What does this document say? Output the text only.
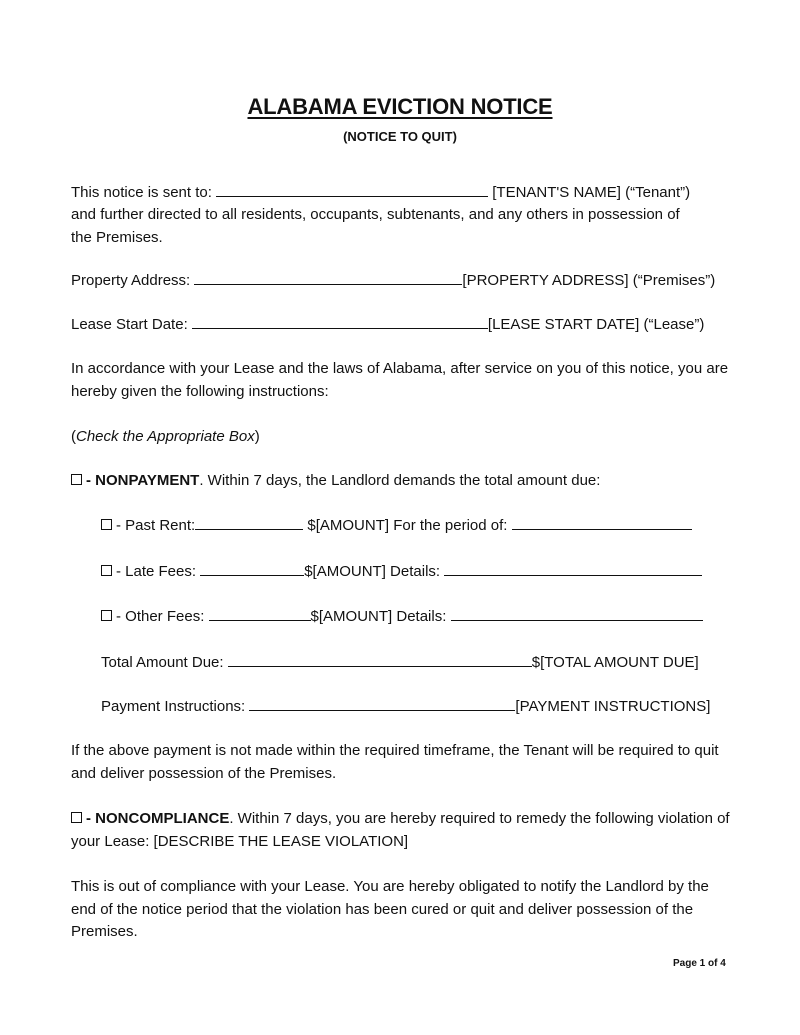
ALABAMA EVICTION NOTICE
(NOTICE TO QUIT)
This notice is sent to:	[TENANT'S NAME] (“Tenant”)
and further directed to all residents, occupants, subtenants, and any others in possession of the Premises.
Property Address:	[PROPERTY ADDRESS] (“Premises”)
Lease Start Date:	[LEASE START DATE] (“Lease”)
In accordance with your Lease and the laws of Alabama, after service on you of this notice, you are hereby given the following instructions:
(Check the Appropriate Box)
- NONPAYMENT. Within 7 days, the Landlord demands the total amount due:
- Past Rent:	$[AMOUNT] For the period of:
- Late Fees:	$[AMOUNT] Details:
- Other Fees:	$[AMOUNT] Details:
Total Amount Due:	$[TOTAL AMOUNT DUE]
Payment Instructions:	[PAYMENT INSTRUCTIONS]
If the above payment is not made within the required timeframe, the Tenant will be required to quit and deliver possession of the Premises.
- NONCOMPLIANCE. Within 7 days, you are hereby required to remedy the following violation of your Lease: [DESCRIBE THE LEASE VIOLATION]
This is out of compliance with your Lease. You are hereby obligated to notify the Landlord by the end of the notice period that the violation has been cured or quit and deliver possession of the Premises.
Page 1 of 4
